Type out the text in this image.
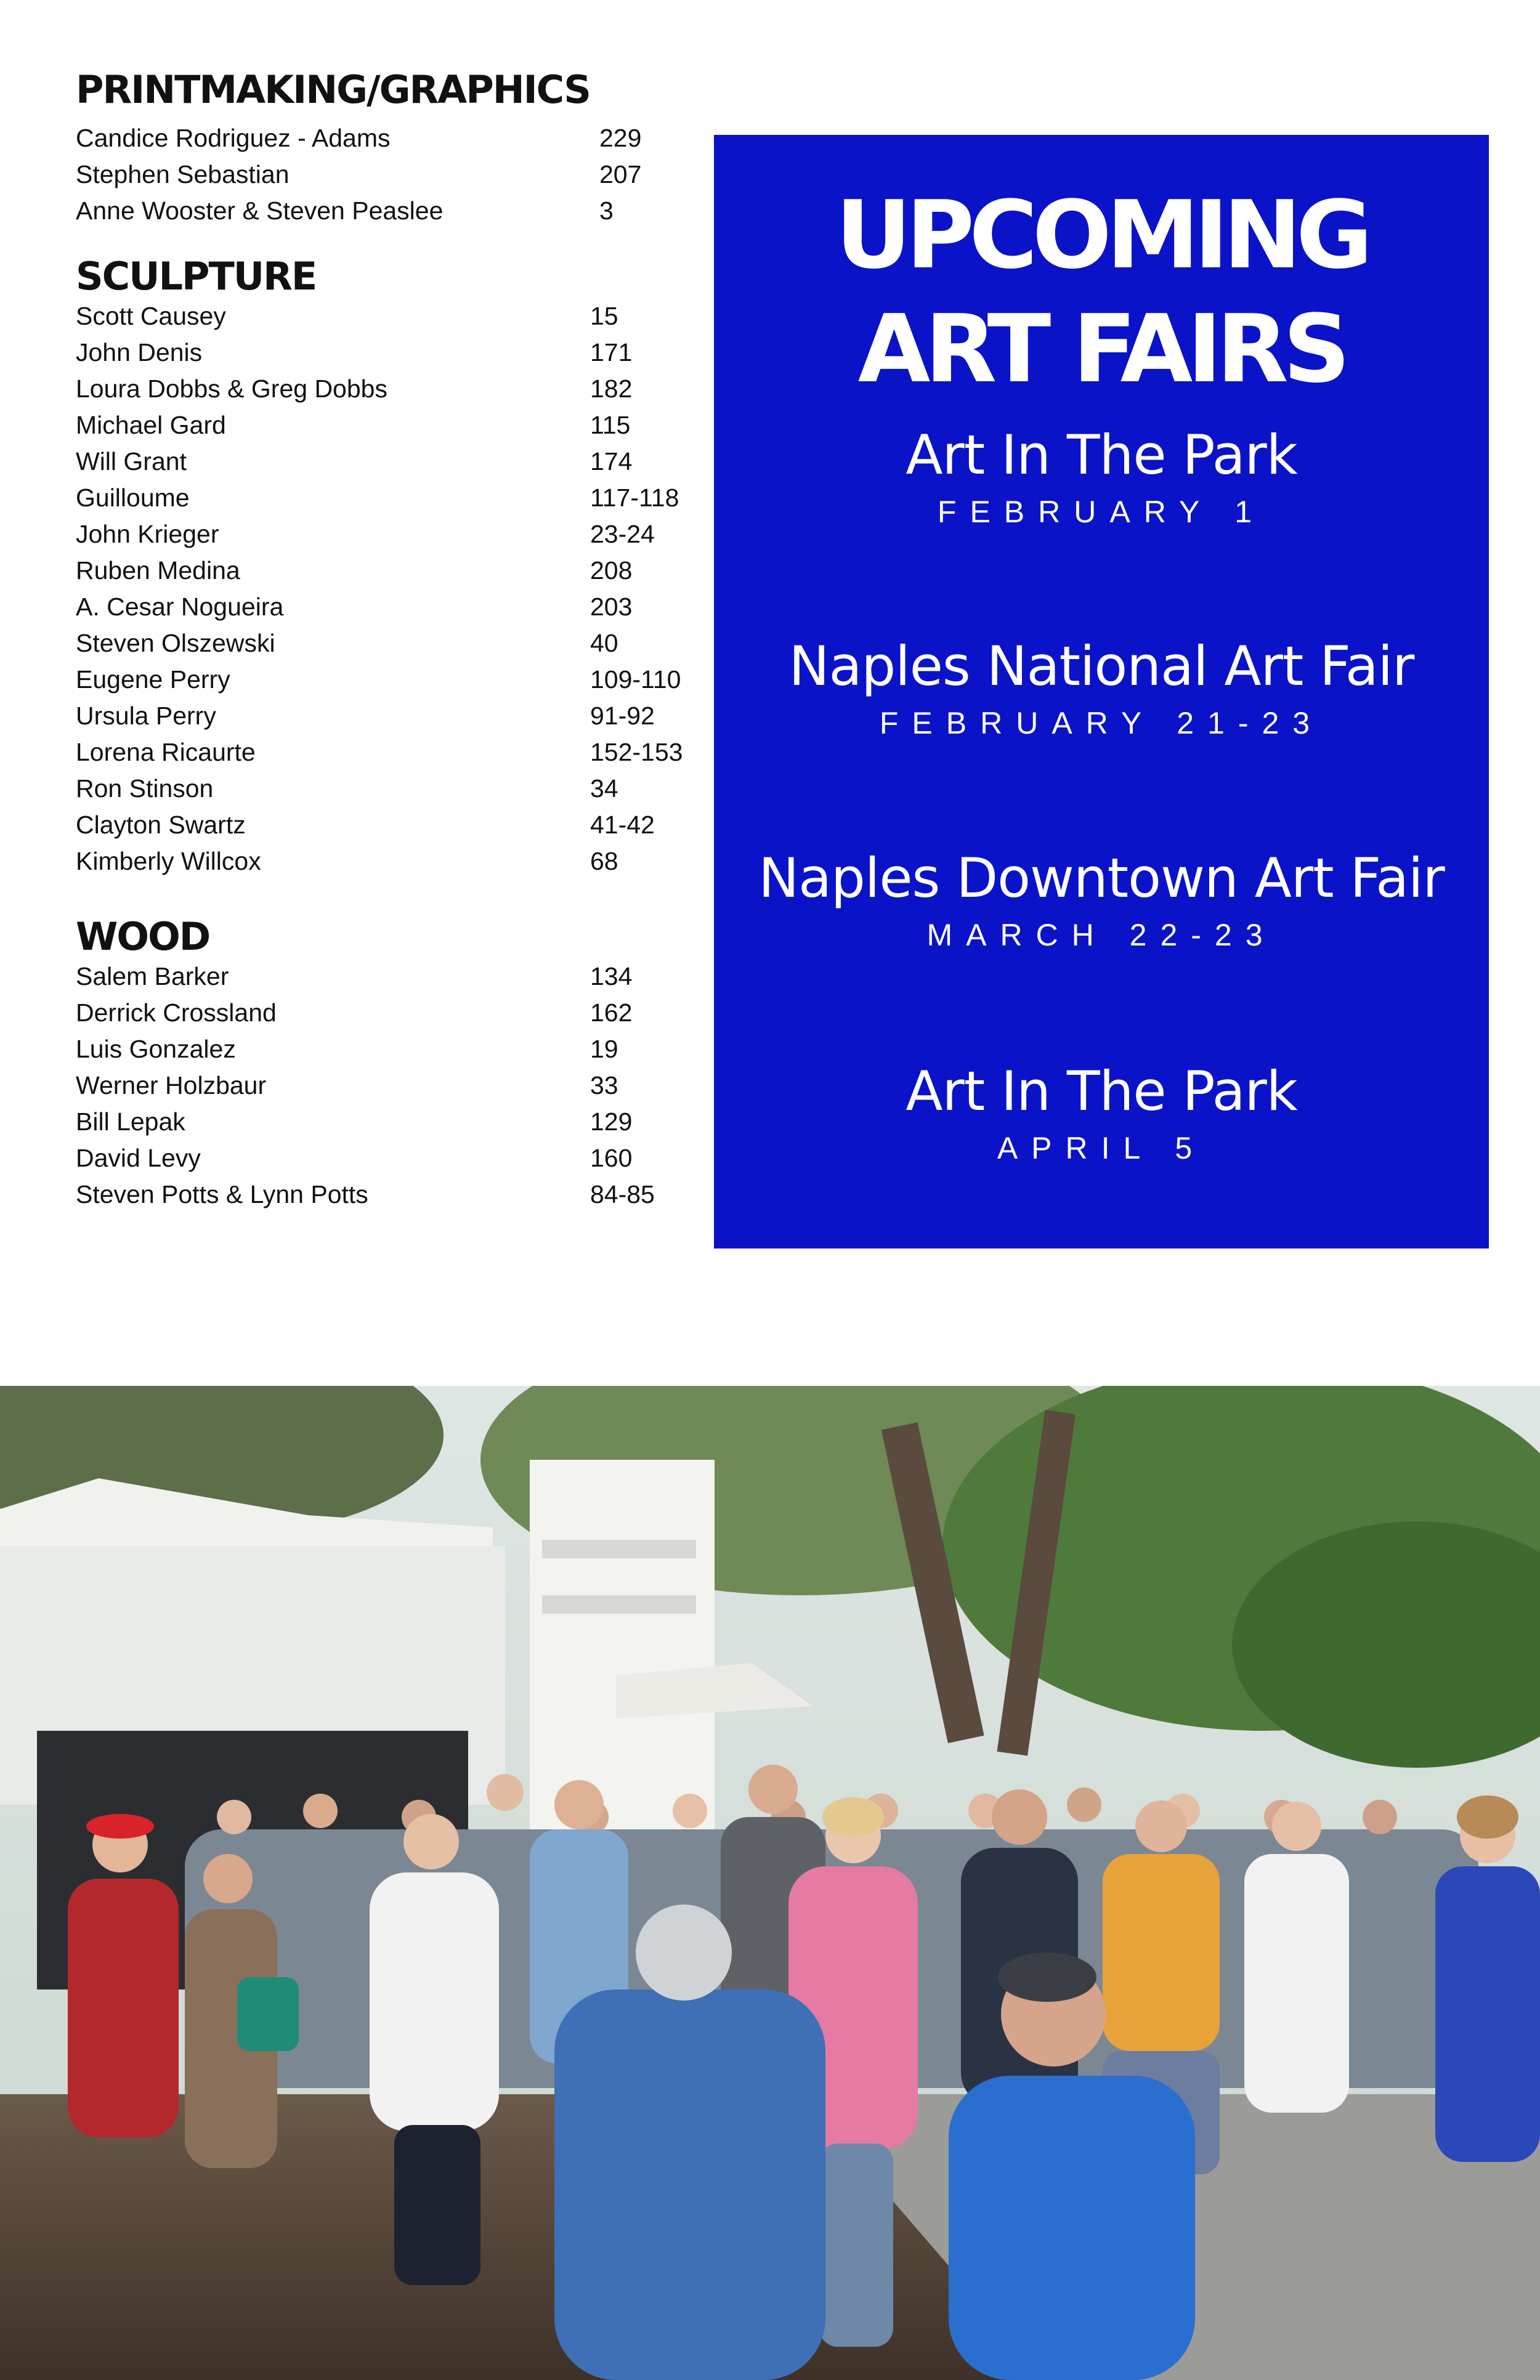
PRINTMAKING/GRAPHICS
Candice Rodriguez - Adams	229
Stephen Sebastian	207
Anne Wooster & Steven Peaslee	3
SCULPTURE
Scott Causey	15
John Denis	171
Loura Dobbs & Greg Dobbs	182
Michael Gard	115
Will Grant	174
Guilloume	117-118
John Krieger	23-24
Ruben Medina	208
A. Cesar Nogueira	203
Steven Olszewski	40
Eugene Perry	109-110
Ursula Perry	91-92
Lorena Ricaurte	152-153
Ron Stinson	34
Clayton Swartz	41-42
Kimberly Willcox	68
WOOD
Salem Barker	134
Derrick Crossland	162
Luis Gonzalez	19
Werner Holzbaur	33
Bill Lepak	129
David Levy	160
Steven Potts & Lynn Potts	84-85
UPCOMING
ART FAIRS
Art In The Park
FEBRUARY 1
Naples National Art Fair
FEBRUARY 21-23
Naples Downtown Art Fair
MARCH 22-23
Art In The Park
APRIL 5
